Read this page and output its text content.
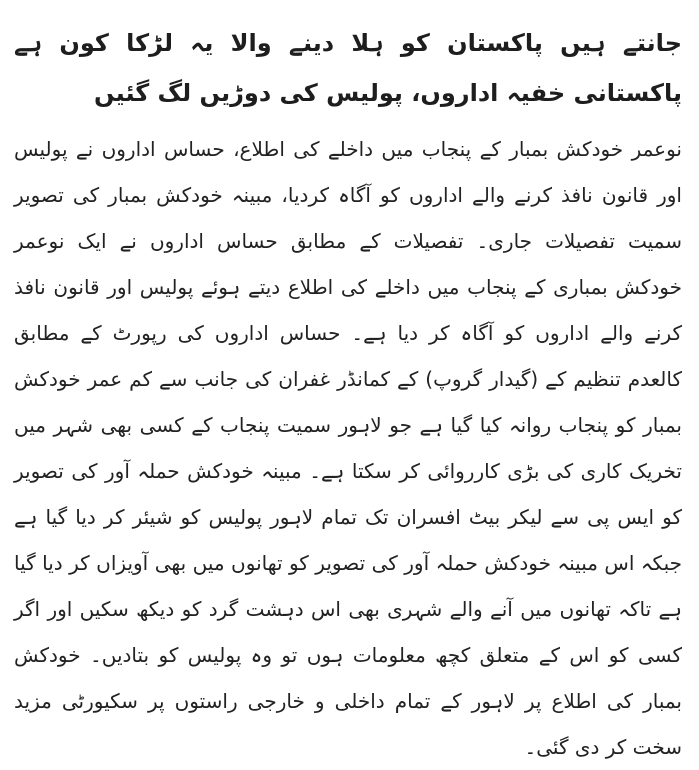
جانتے ہیں پاکستان کو ہلا دینے والا یہ لڑکا کون ہے پاکستانی خفیہ اداروں، پولیس کی دوڑیں لگ گئیں

نوعمر خودکش بمبار کے پنجاب میں داخلے کی اطلاع، حساس اداروں نے پولیس اور قانون نافذ کرنے والے اداروں کو آگاہ کردیا، مبینہ خودکش بمبار کی تصویر سمیت تفصیلات جاری۔ تفصیلات کے مطابق حساس اداروں نے ایک نوعمر خودکش بمباری کے پنجاب میں داخلے کی اطلاع دیتے ہوئے پولیس اور قانون نافذ کرنے والے اداروں کو آگاہ کر دیا ہے۔ حساس اداروں کی رپورٹ کے مطابق کالعدم تنظیم کے (گیدار گروپ) کے کمانڈر غفران کی جانب سے کم عمر خودکش بمبار کو پنجاب روانہ کیا گیا ہے جو لاہور سمیت پنجاب کے کسی بھی شہر میں تخریک کاری کی بڑی کارروائی کر سکتا ہے۔ مبینہ خودکش حملہ آور کی تصویر کو ایس پی سے لیکر بیٹ افسران تک تمام لاہور پولیس کو شیئر کر دیا گیا ہے جبکہ اس مبینہ خودکش حملہ آور کی تصویر کو تھانوں میں بھی آویزاں کر دیا گیا ہے تاکہ تھانوں میں آنے والے شہری بھی اس دہشت گرد کو دیکھ سکیں اور اگر کسی کو اس کے متعلق کچھ معلومات ہوں تو وہ پولیس کو بتادیں۔ خودکش بمبار کی اطلاع پر لاہور کے تمام داخلی و خارجی راستوں پر سکیورٹی مزید سخت کر دی گئی۔
